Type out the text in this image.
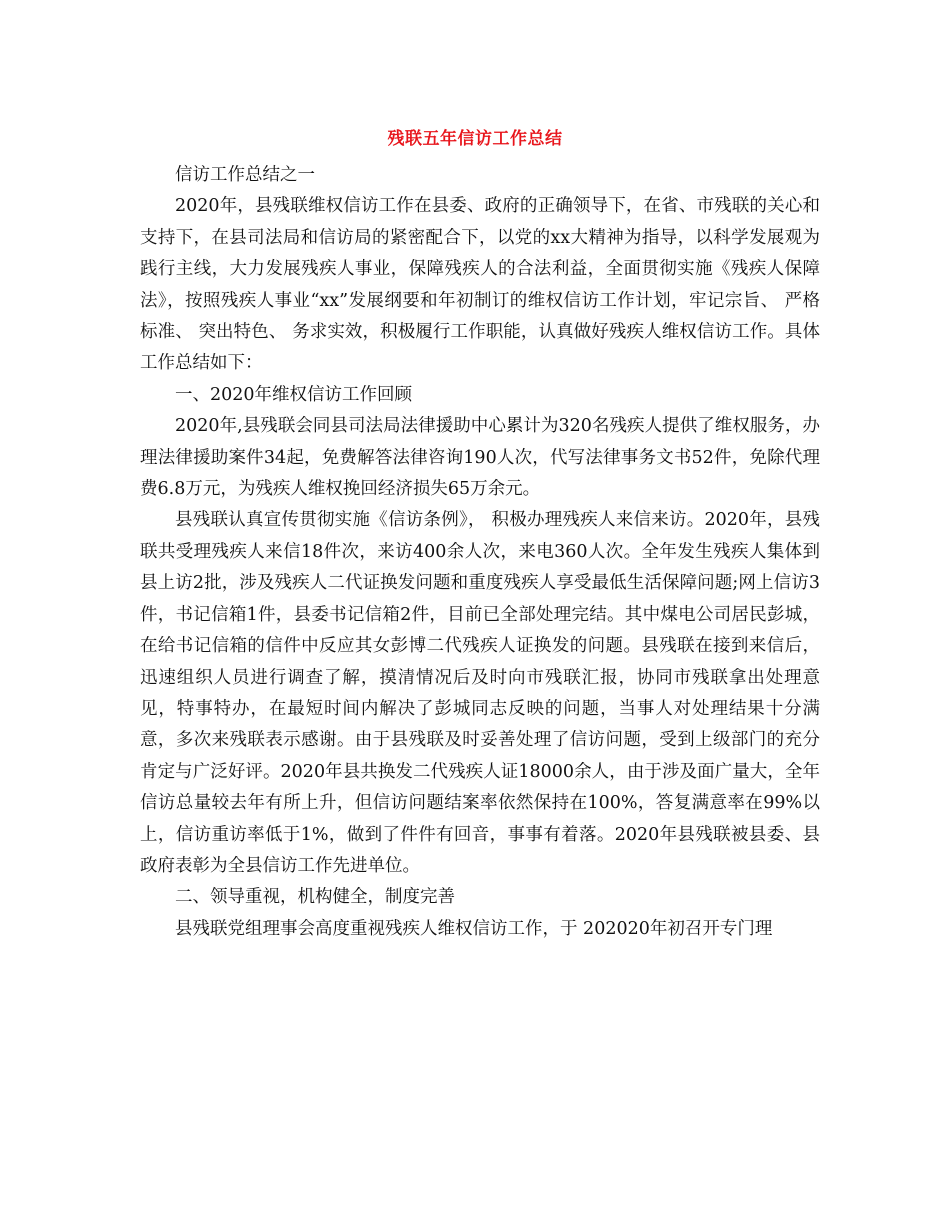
残联五年信访工作总结

信访工作总结之一

2020年，县残联维权信访工作在县委、政府的正确领导下，在省、市残联的关心和支持下，在县司法局和信访局的紧密配合下，以党的xx大精神为指导，以科学发展观为践行主线，大力发展残疾人事业，保障残疾人的合法利益，全面贯彻实施《残疾人保障法》，按照残疾人事业“xx”发展纲要和年初制订的维权信访工作计划，牢记宗旨、 严格标准、 突出特色、 务求实效，积极履行工作职能，认真做好残疾人维权信访工作。具体工作总结如下：

一、2020年维权信访工作回顾

2020年,县残联会同县司法局法律援助中心累计为320名残疾人提供了维权服务，办理法律援助案件34起，免费解答法律咨询190人次，代写法律事务文书52件，免除代理费6.8万元，为残疾人维权挽回经济损失65万余元。

县残联认真宣传贯彻实施《信访条例》， 积极办理残疾人来信来访。2020年，县残联共受理残疾人来信18件次，来访400余人次，来电360人次。全年发生残疾人集体到县上访2批，涉及残疾人二代证换发问题和重度残疾人享受最低生活保障问题;网上信访3件，书记信箱1件，县委书记信箱2件，目前已全部处理完结。其中煤电公司居民彭城，在给书记信箱的信件中反应其女彭博二代残疾人证换发的问题。县残联在接到来信后，迅速组织人员进行调查了解，摸清情况后及时向市残联汇报，协同市残联拿出处理意见，特事特办，在最短时间内解决了彭城同志反映的问题，当事人对处理结果十分满意，多次来残联表示感谢。由于县残联及时妥善处理了信访问题，受到上级部门的充分肯定与广泛好评。2020年县共换发二代残疾人证18000余人，由于涉及面广量大，全年信访总量较去年有所上升，但信访问题结案率依然保持在100%，答复满意率在99%以上，信访重访率低于1%，做到了件件有回音，事事有着落。2020年县残联被县委、县政府表彰为全县信访工作先进单位。

二、领导重视，机构健全，制度完善

县残联党组理事会高度重视残疾人维权信访工作，于 202020年初召开专门理
